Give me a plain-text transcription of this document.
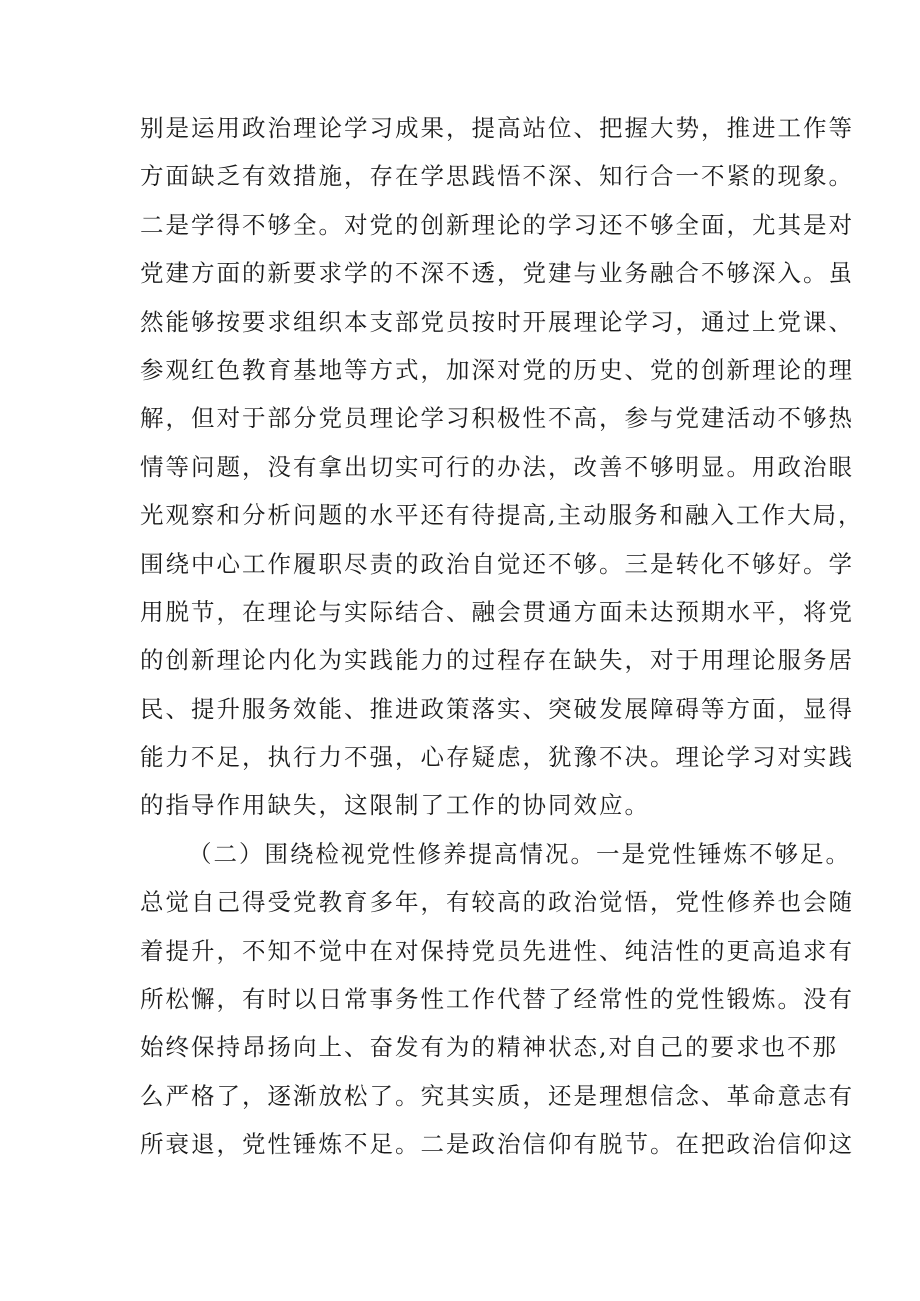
别是运用政治理论学习成果，提高站位、把握大势，推进工作等
方面缺乏有效措施，存在学思践悟不深、知行合一不紧的现象。
二是学得不够全。对党的创新理论的学习还不够全面，尤其是对
党建方面的新要求学的不深不透，党建与业务融合不够深入。虽
然能够按要求组织本支部党员按时开展理论学习，通过上党课、
参观红色教育基地等方式，加深对党的历史、党的创新理论的理
解，但对于部分党员理论学习积极性不高，参与党建活动不够热
情等问题，没有拿出切实可行的办法，改善不够明显。用政治眼
光观察和分析问题的水平还有待提高,主动服务和融入工作大局，
围绕中心工作履职尽责的政治自觉还不够。三是转化不够好。学
用脱节，在理论与实际结合、融会贯通方面未达预期水平，将党
的创新理论内化为实践能力的过程存在缺失，对于用理论服务居
民、提升服务效能、推进政策落实、突破发展障碍等方面，显得
能力不足，执行力不强，心存疑虑，犹豫不决。理论学习对实践
的指导作用缺失，这限制了工作的协同效应。
（二）围绕检视党性修养提高情况。一是党性锤炼不够足。
总觉自己得受党教育多年，有较高的政治觉悟，党性修养也会随
着提升，不知不觉中在对保持党员先进性、纯洁性的更高追求有
所松懈，有时以日常事务性工作代替了经常性的党性锻炼。没有
始终保持昂扬向上、奋发有为的精神状态,对自己的要求也不那
么严格了，逐渐放松了。究其实质，还是理想信念、革命意志有
所衰退，党性锤炼不足。二是政治信仰有脱节。在把政治信仰这
